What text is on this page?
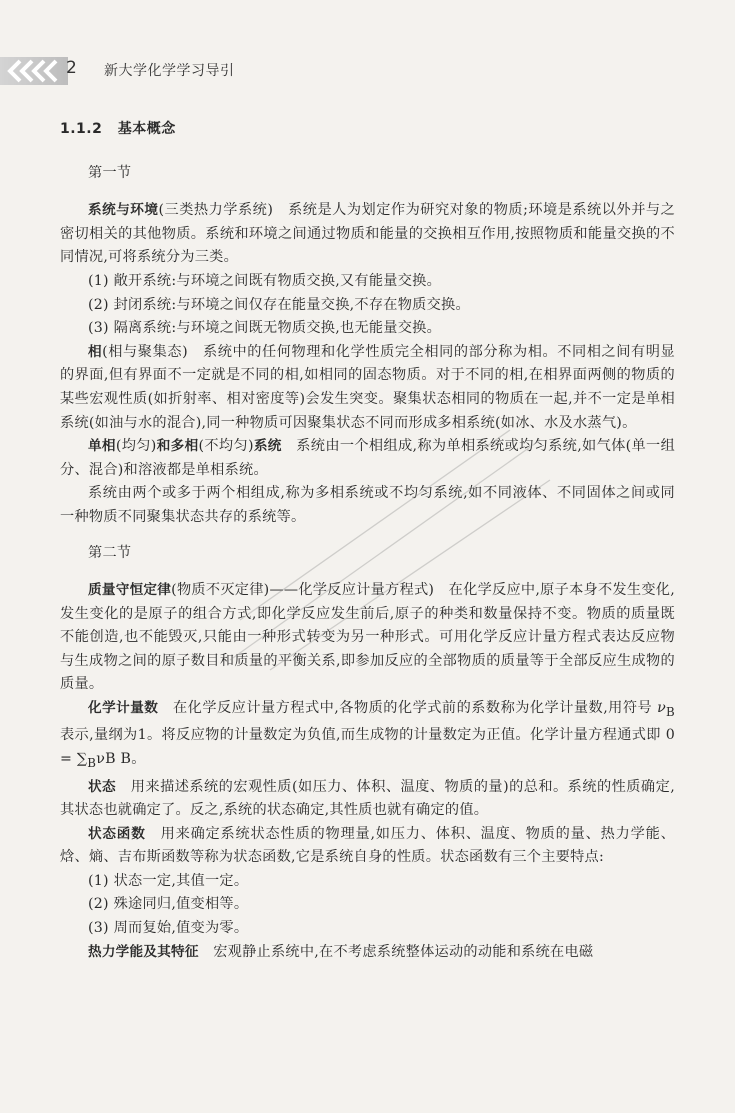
2 新大学化学学习导引
1.1.2 基本概念
第一节

系统与环境(三类热力学系统)　系统是人为划定作为研究对象的物质;环境是系统以外并与之密切相关的其他物质。系统和环境之间通过物质和能量的交换相互作用,按照物质和能量交换的不同情况,可将系统分为三类。

(1) 敞开系统:与环境之间既有物质交换,又有能量交换。
(2) 封闭系统:与环境之间仅存在能量交换,不存在物质交换。
(3) 隔离系统:与环境之间既无物质交换,也无能量交换。

相(相与聚集态)　系统中的任何物理和化学性质完全相同的部分称为相。不同相之间有明显的界面,但有界面不一定就是不同的相,如相同的固态物质。对于不同的相,在相界面两侧的物质的某些宏观性质(如折射率、相对密度等)会发生突变。聚集状态相同的物质在一起,并不一定是单相系统(如油与水的混合),同一种物质可因聚集状态不同而形成多相系统(如冰、水及水蒸气)。

单相(均匀)和多相(不均匀)系统　系统由一个相组成,称为单相系统或均匀系统,如气体(单一组分、混合)和溶液都是单相系统。

系统由两个或多于两个相组成,称为多相系统或不均匀系统,如不同液体、不同固体之间或同一种物质不同聚集状态共存的系统等。

第二节

质量守恒定律(物质不灭定律)——化学反应计量方程式)　在化学反应中,原子本身不发生变化,发生变化的是原子的组合方式,即化学反应发生前后,原子的种类和数量保持不变。物质的质量既不能创造,也不能毁灭,只能由一种形式转变为另一种形式。可用化学反应计量方程式表达反应物与生成物之间的原子数目和质量的平衡关系,即参加反应的全部物质的质量等于全部反应生成物的质量。

化学计量数　在化学反应计量方程式中,各物质的化学式前的系数称为化学计量数,用符号 $\nu_B$ 表示,量纲为1。将反应物的计量数定为负值,而生成物的计量数定为正值。化学计量方程通式即 $0 = \sum_B\nu B$ B。

状态　用来描述系统的宏观性质(如压力、体积、温度、物质的量)的总和。系统的性质确定,其状态也就确定了。反之,系统的状态确定,其性质也就有确定的值。

状态函数　用来确定系统状态性质的物理量,如压力、体积、温度、物质的量、热力学能、焓、熵、吉布斯函数等称为状态函数,它是系统自身的性质。状态函数有三个主要特点:

(1) 状态一定,其值一定。
(2) 殊途同归,值变相等。
(3) 周而复始,值变为零。

热力学能及其特征　宏观静止系统中,在不考虑系统整体运动的动能和系统在电磁
